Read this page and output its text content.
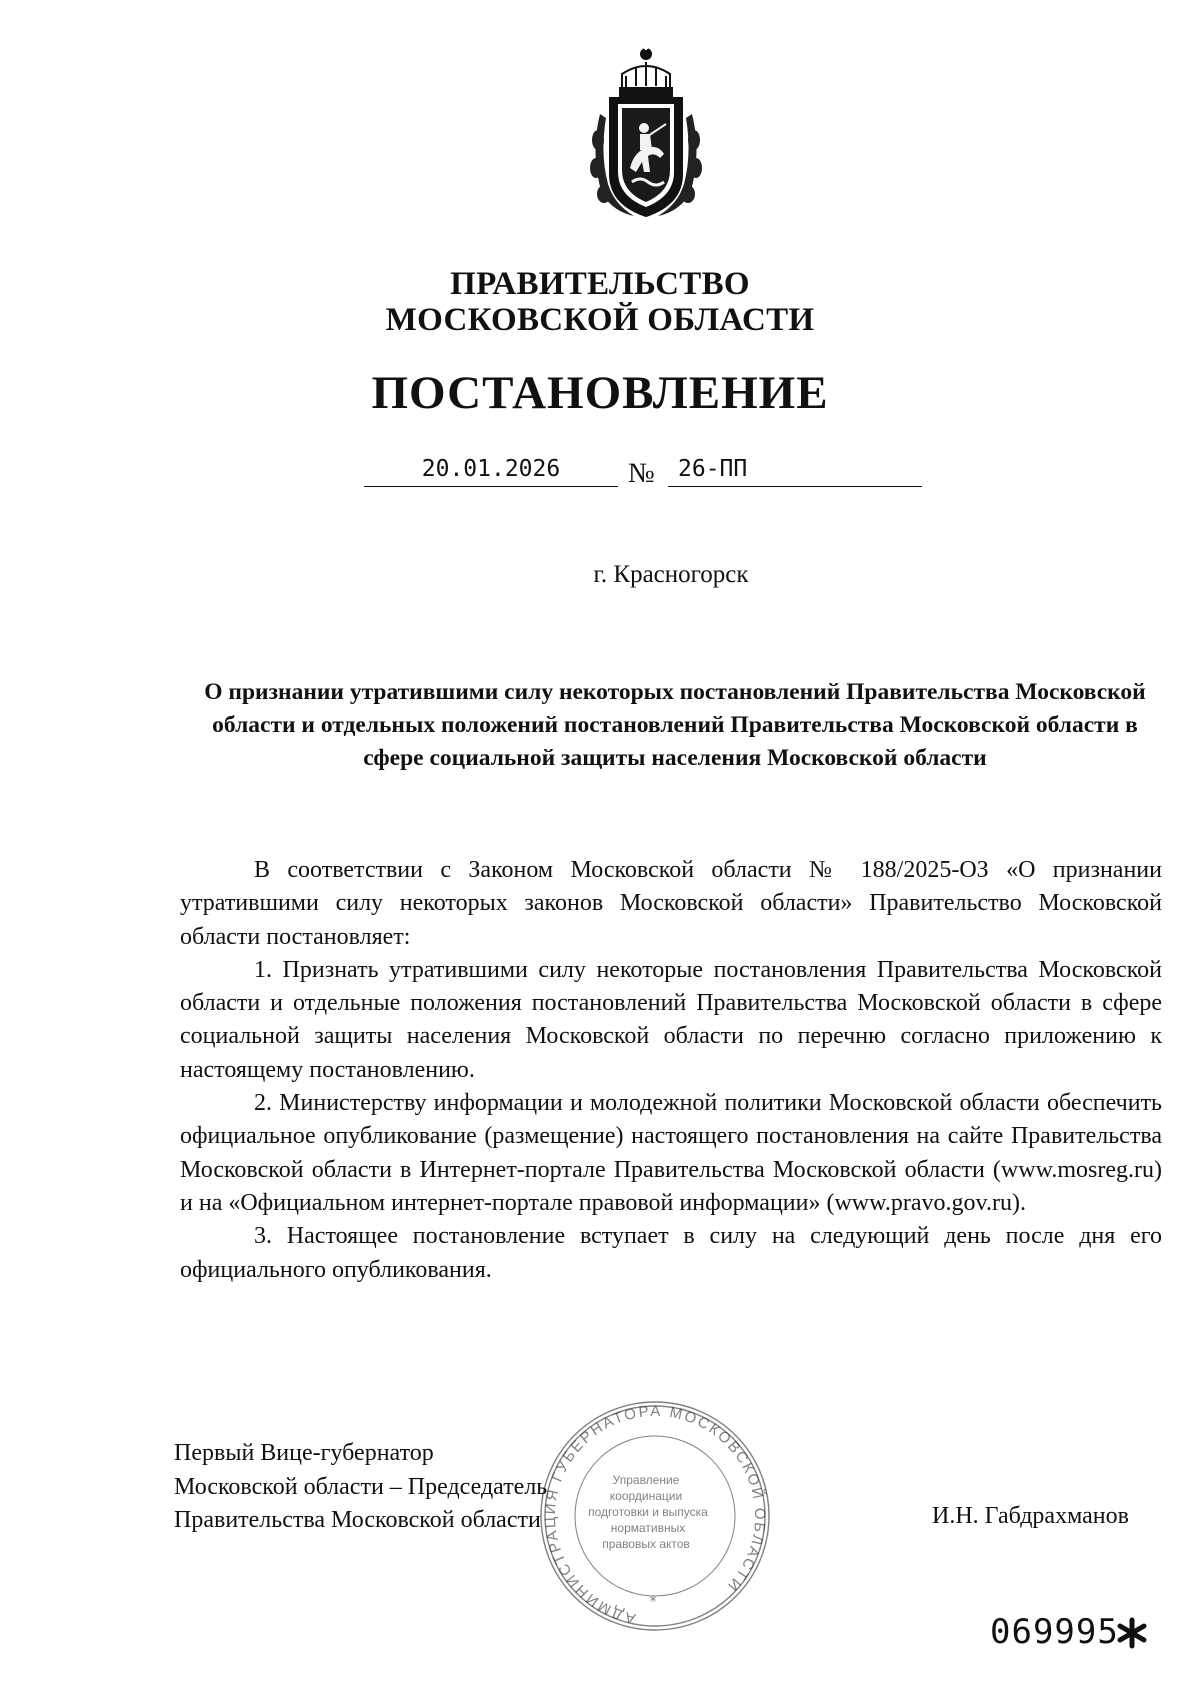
ПРАВИТЕЛЬСТВО
МОСКОВСКОЙ ОБЛАСТИ
ПОСТАНОВЛЕНИЕ
20.01.2026	№	26-ПП
г. Красногорск
О признании утратившими силу некоторых постановлений Правительства Московской области и отдельных положений постановлений Правительства Московской области в сфере социальной защиты населения Московской области

В соответствии с Законом Московской области № 188/2025-ОЗ «О признании утратившими силу некоторых законов Московской области» Правительство Московской области постановляет:

1. Признать утратившими силу некоторые постановления Правительства Московской области и отдельные положения постановлений Правительства Московской области в сфере социальной защиты населения Московской области по перечню согласно приложению к настоящему постановлению.

2. Министерству информации и молодежной политики Московской области обеспечить официальное опубликование (размещение) настоящего постановления на сайте Правительства Московской области в Интернет-портале Правительства Московской области (www.mosreg.ru) и на «Официальном интернет-портале правовой информации» (www.pravo.gov.ru).

3. Настоящее постановление вступает в силу на следующий день после дня его официального опубликования.

АДМИНИСТРАЦИЯ ГУБЕРНАТОРА МОСКОВСКОЙ ОБЛАСТИ
Управление
координации
подготовки и выпуска
нормативных
правовых актов
*
Первый Вице-губернатор
Московской области – Председатель
Правительства Московской области	И.Н. Габдрахманов
069995
